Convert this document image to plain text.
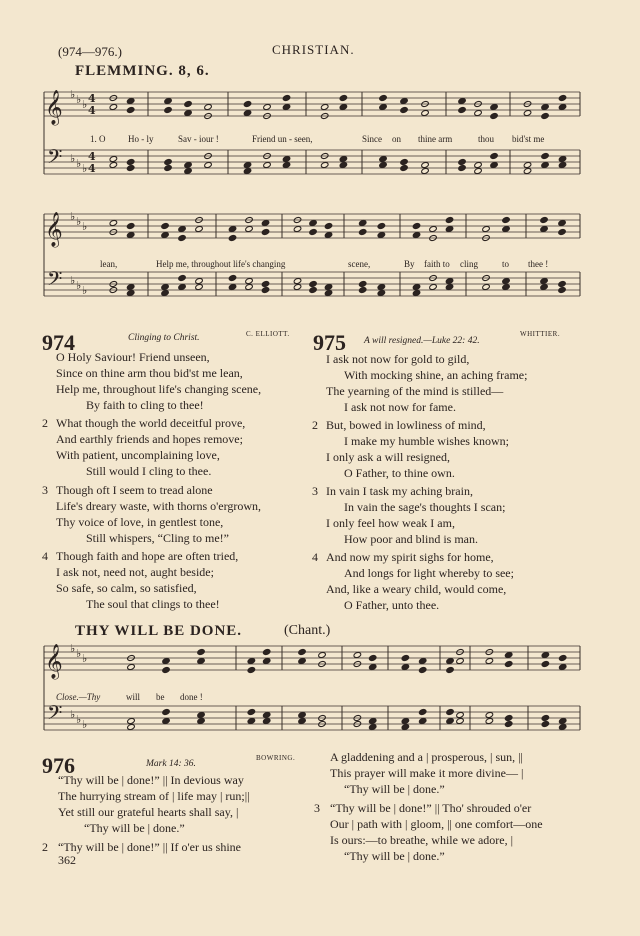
(974—976.)	CHRISTIAN.
FLEMMING. 8, 6.
𝄞
𝄢
♭
♭
♭
♭
♭
♭
𝄞
𝄢
♭
♭
♭
♭
♭
♭
𝄞
𝄢
♭
♭
♭
♭
♭
♭
4
4
4
4
1. O	Ho - ly	Sav - iour !	Friend un - seen,	Since on thine arm	thou bid'st me
lean,	Help me, throughout life's changing	scene,	By faith to cling	to thee !
974	Clinging to Christ.	C. ELLIOTT.
O Holy Saviour! Friend unseen,
Since on thine arm thou bid'st me lean,
Help me, throughout life's changing scene,
By faith to cling to thee!
2 What though the world deceitful prove,
And earthly friends and hopes remove;
With patient, uncomplaining love,
Still would I cling to thee.
3 Though oft I seem to tread alone
Life's dreary waste, with thorns o'ergrown,
Thy voice of love, in gentlest tone,
Still whispers, “Cling to me!”
4 Though faith and hope are often tried,
I ask not, need not, aught beside;
So safe, so calm, so satisfied,
The soul that clings to thee!
975 A will resigned.—Luke 22: 42.
WHITTIER.
I ask not now for gold to gild,
With mocking shine, an aching frame;
The yearning of the mind is stilled—
I ask not now for fame.
2 But, bowed in lowliness of mind,
I make my humble wishes known;
I only ask a will resigned,
O Father, to thine own.
3 In vain I task my aching brain,
In vain the sage's thoughts I scan;
I only feel how weak I am,
How poor and blind is man.
4 And now my spirit sighs for home,
And longs for light whereby to see;
And, like a weary child, would come,
O Father, unto thee.
THY WILL BE DONE.	(Chant.)
Close.—Thy	will be done !
976	Mark 14: 36.
BOWRING.
“Thy will be | done!” || In devious way
The hurrying stream of | life may | run;||
Yet still our grateful hearts shall say, |
“Thy will be | done.”
2 “Thy will be | done!” || If o'er us shine
A gladdening and a | prosperous, | sun, ||
This prayer will make it more divine— |
“Thy will be | done.”
3 “Thy will be | done!” || Tho' shrouded o'er
Our | path with | gloom, || one comfort—one
Is ours:—to breathe, while we adore, |
“Thy will be | done.”
362
